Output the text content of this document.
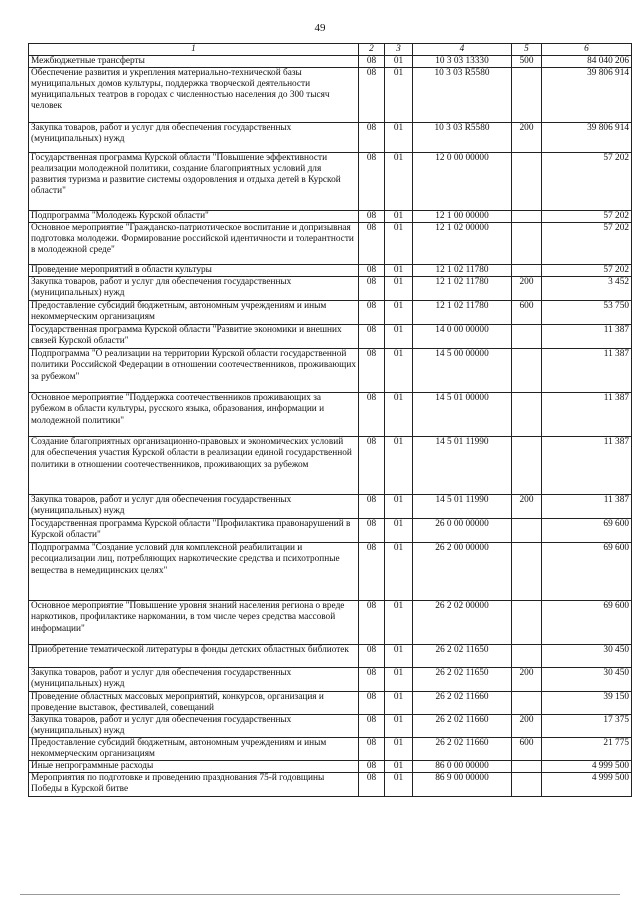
49
1	2	3	4	5	6
Межбюджетные трансферты	08	01	10 3 03 13330	500	84 040 206
Обеспечение развития и укрепления материально-технической базы муниципальных домов культуры, поддержка творческой деятельности муниципальных театров в городах с численностью населения до 300 тысяч человек	08	01	10 3 03 R5580		39 806 914
Закупка товаров, работ и услуг для обеспечения государственных (муниципальных) нужд	08	01	10 3 03 R5580	200	39 806 914
Государственная программа Курской области "Повышение эффективности реализации молодежной политики, создание благоприятных условий для развития туризма и развитие системы оздоровления и отдыха детей в Курской области"	08	01	12 0 00 00000		57 202
Подпрограмма "Молодежь Курской области"	08	01	12 1 00 00000		57 202
Основное мероприятие "Гражданско-патриотическое воспитание и допризывная подготовка молодежи. Формирование российской идентичности и толерантности в молодежной среде"	08	01	12 1 02 00000		57 202
Проведение мероприятий в области культуры	08	01	12 1 02 11780		57 202
Закупка товаров, работ и услуг для обеспечения государственных (муниципальных) нужд	08	01	12 1 02 11780	200	3 452
Предоставление субсидий бюджетным, автономным учреждениям и иным некоммерческим организациям	08	01	12 1 02 11780	600	53 750
Государственная программа Курской области "Развитие экономики и внешних связей Курской области"	08	01	14 0 00 00000		11 387
Подпрограмма "О реализации на территории Курской области государственной политики Российской Федерации в отношении соотечественников, проживающих за рубежом"	08	01	14 5 00 00000		11 387
Основное мероприятие "Поддержка соотечественников проживающих за рубежом в области культуры, русского языка, образования, информации и молодежной политики"	08	01	14 5 01 00000		11 387
Создание благоприятных организационно-правовых и экономических условий для обеспечения участия Курской области в реализации единой государственной политики в отношении соотечественников, проживающих за рубежом	08	01	14 5 01 11990		11 387
Закупка товаров, работ и услуг для обеспечения государственных (муниципальных) нужд	08	01	14 5 01 11990	200	11 387
Государственная программа Курской области "Профилактика правонарушений в Курской области"	08	01	26 0 00 00000		69 600
Подпрограмма "Создание условий для комплексной реабилитации и ресоциализации лиц, потребляющих наркотические средства и психотропные вещества в немедицинских целях"	08	01	26 2 00 00000		69 600
Основное мероприятие "Повышение уровня знаний населения региона о вреде наркотиков, профилактике наркомании, в том числе через средства массовой информации"	08	01	26 2 02 00000		69 600
Приобретение тематической литературы в фонды детских областных библиотек	08	01	26 2 02 11650		30 450
Закупка товаров, работ и услуг для обеспечения государственных (муниципальных) нужд	08	01	26 2 02 11650	200	30 450
Проведение областных массовых мероприятий, конкурсов, организация и проведение выставок, фестивалей, совещаний	08	01	26 2 02 11660		39 150
Закупка товаров, работ и услуг для обеспечения государственных (муниципальных) нужд	08	01	26 2 02 11660	200	17 375
Предоставление субсидий бюджетным, автономным учреждениям и иным некоммерческим организациям	08	01	26 2 02 11660	600	21 775
Иные непрограммные расходы	08	01	86 0 00 00000		4 999 500
Мероприятия по подготовке и проведению празднования 75-й годовщины Победы в Курской битве	08	01	86 9 00 00000		4 999 500
